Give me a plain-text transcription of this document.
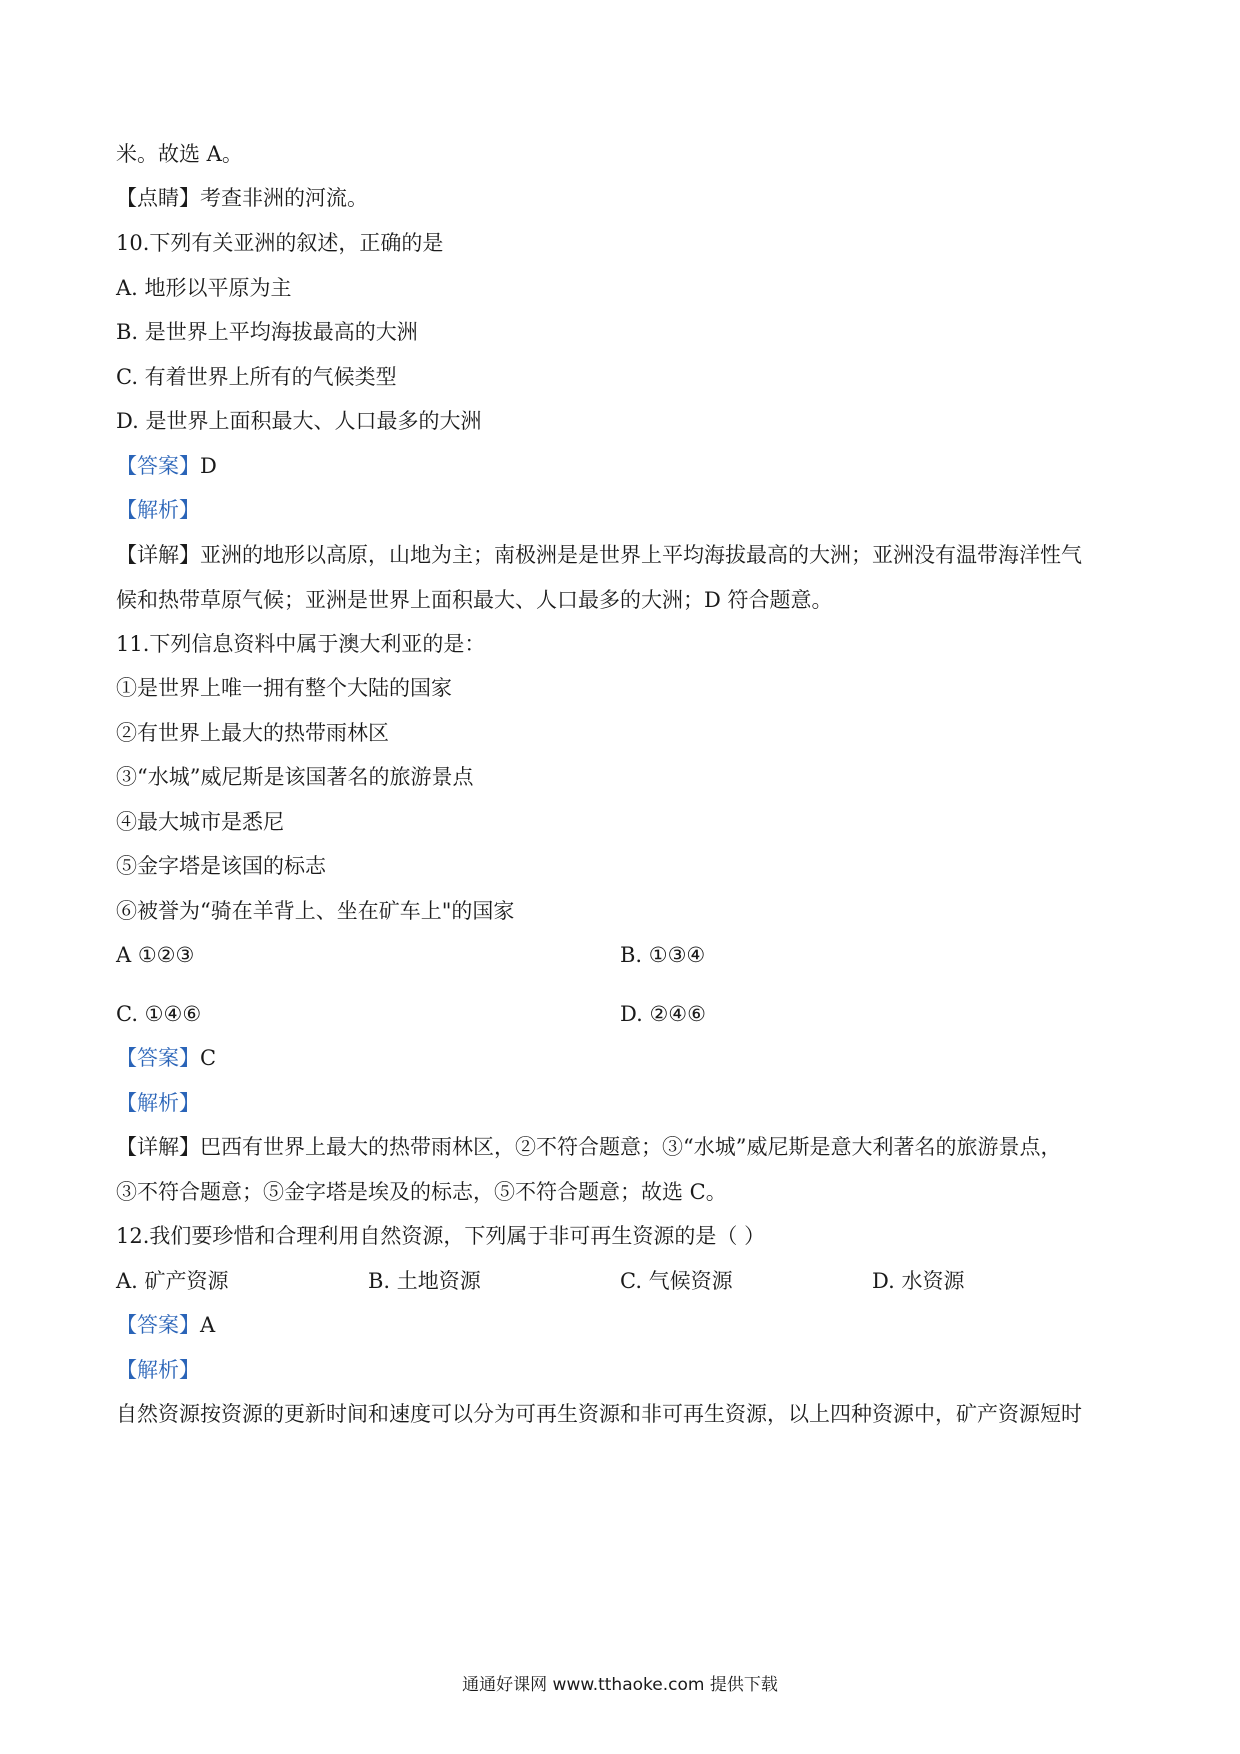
米。故选 A。
【点睛】考查非洲的河流。
10.下列有关亚洲的叙述，正确的是
A. 地形以平原为主
B. 是世界上平均海拔最高的大洲
C. 有着世界上所有的气候类型
D. 是世界上面积最大、人口最多的大洲
【答案】D
【解析】
【详解】亚洲的地形以高原，山地为主；南极洲是是世界上平均海拔最高的大洲；亚洲没有温带海洋性气
候和热带草原气候；亚洲是世界上面积最大、人口最多的大洲；D 符合题意。
11.下列信息资料中属于澳大利亚的是：
①是世界上唯一拥有整个大陆的国家
②有世界上最大的热带雨林区
③“水城”威尼斯是该国著名的旅游景点
④最大城市是悉尼
⑤金字塔是该国的标志
⑥被誉为“骑在羊背上、坐在矿车上"的国家
A ①②③	B. ①③④
C. ①④⑥	D. ②④⑥
【答案】C
【解析】
【详解】巴西有世界上最大的热带雨林区，②不符合题意；③“水城”威尼斯是意大利著名的旅游景点，
③不符合题意；⑤金字塔是埃及的标志，⑤不符合题意；故选 C。
12.我们要珍惜和合理利用自然资源，下列属于非可再生资源的是（ ）
A. 矿产资源	B. 土地资源	C. 气候资源	D. 水资源
【答案】A
【解析】
自然资源按资源的更新时间和速度可以分为可再生资源和非可再生资源，以上四种资源中，矿产资源短时
通通好课网 www.tthaoke.com 提供下载
